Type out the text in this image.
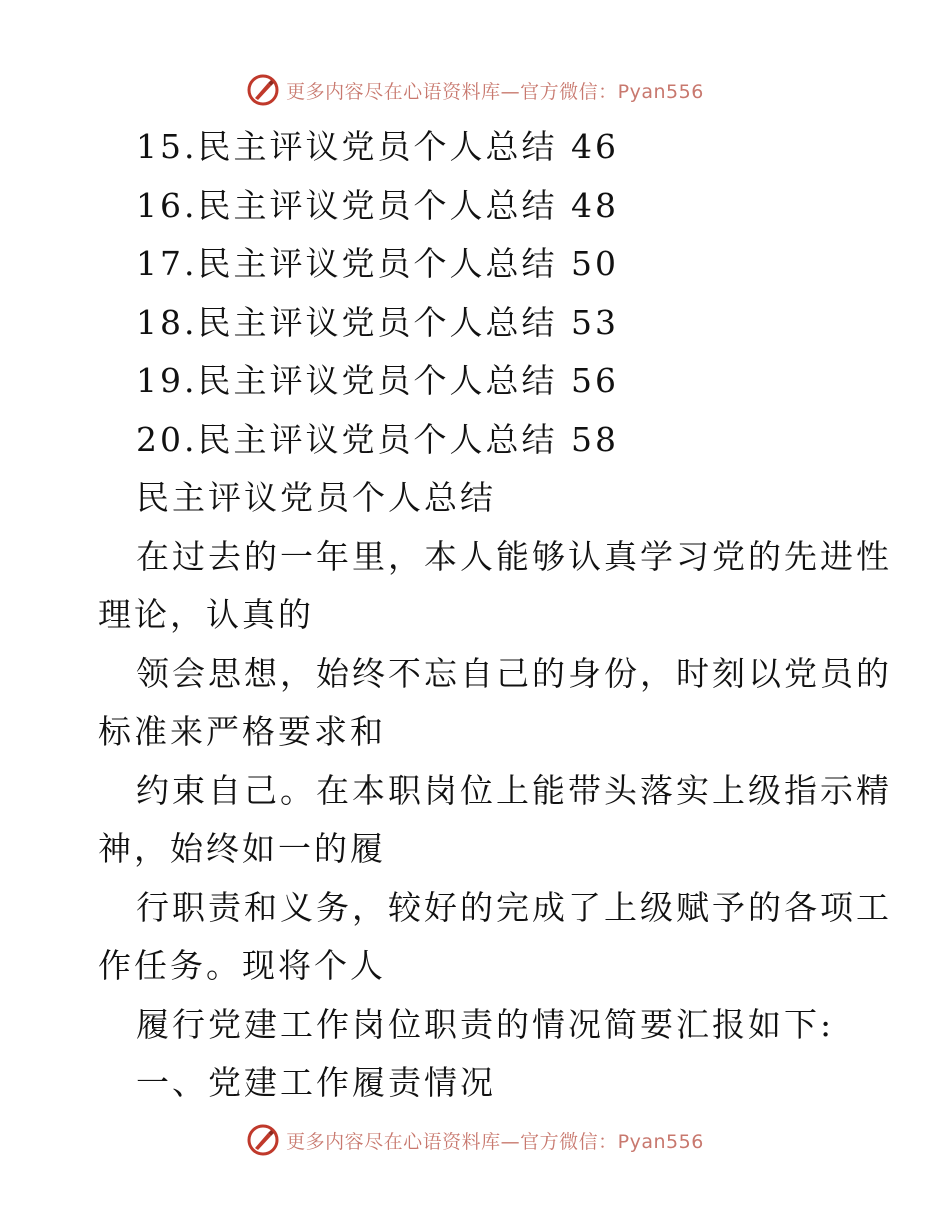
更多内容尽在心语资料库—官方微信：Pyan556
15.民主评议党员个人总结 46
16.民主评议党员个人总结 48
17.民主评议党员个人总结 50
18.民主评议党员个人总结 53
19.民主评议党员个人总结 56
20.民主评议党员个人总结 58
民主评议党员个人总结
在过去的一年里，本人能够认真学习党的先进性
理论，认真的
领会思想，始终不忘自己的身份，时刻以党员的
标准来严格要求和
约束自己。在本职岗位上能带头落实上级指示精
神，始终如一的履
行职责和义务，较好的完成了上级赋予的各项工
作任务。现将个人
履行党建工作岗位职责的情况简要汇报如下:
一、党建工作履责情况
更多内容尽在心语资料库—官方微信：Pyan556
